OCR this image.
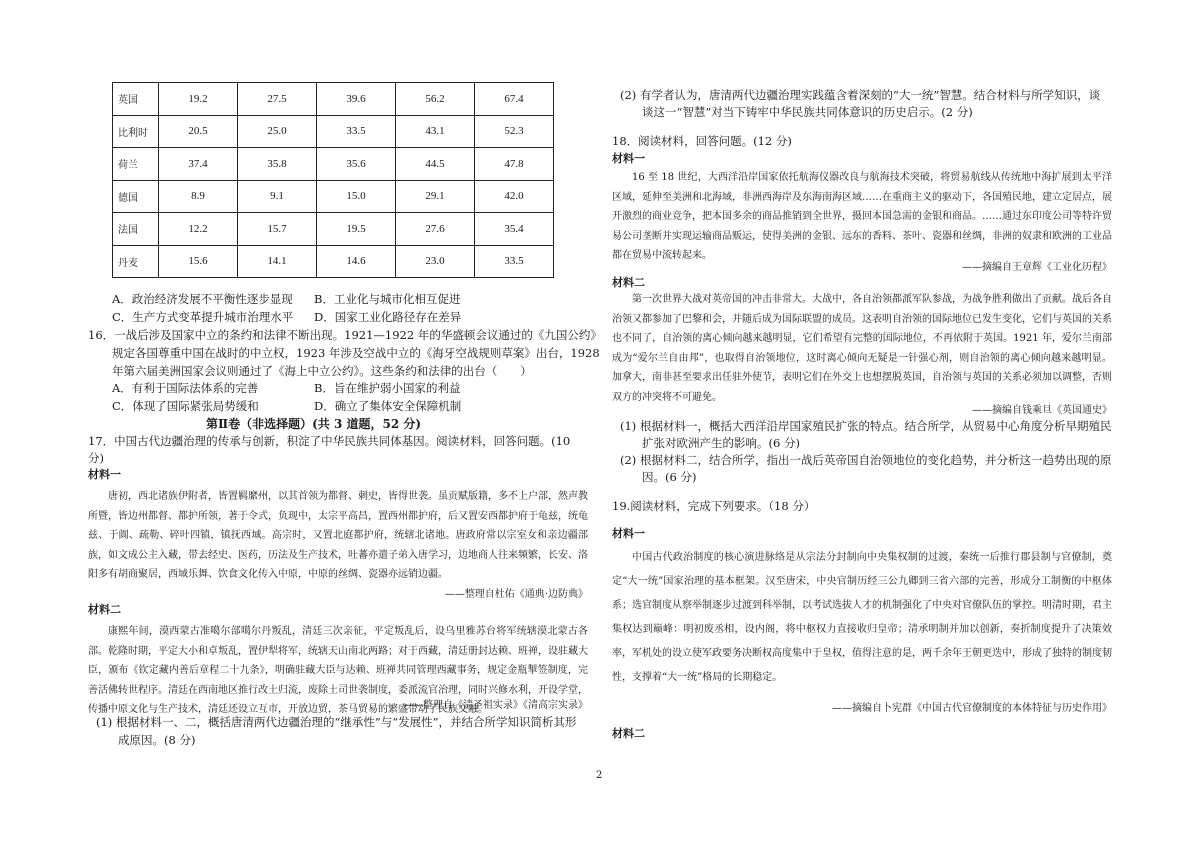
英国	19.2	27.5	39.6	56.2	67.4
比利时	20.5	25.0	33.5	43.1	52.3
荷兰	37.4	35.8	35.6	44.5	47.8
德国	8.9	9.1	15.0	29.1	42.0
法国	12.2	15.7	19.5	27.6	35.4
丹麦	15.6	14.1	14.6	23.0	33.5
A．政治经济发展不平衡性逐步显现 B．工业化与城市化相互促进
C．生产方式变革提升城市治理水平 D．国家工业化路径存在差异
16．一战后涉及国家中立的条约和法律不断出现。1921—1922 年的华盛顿会议通过的《九国公约》
规定各国尊重中国在战时的中立权，1923 年涉及空战中立的《海牙空战规则草案》出台，1928
年第六届美洲国家会议则通过了《海上中立公约》。这些条约和法律的出台（　　）
A．有利于国际法体系的完善	B．旨在维护弱小国家的利益
C．体现了国际紧张局势缓和	D．确立了集体安全保障机制
第Ⅱ卷（非选择题）(共 3 道题，52 分)
17．中国古代边疆治理的传承与创新，积淀了中华民族共同体基因。阅读材料，回答问题。(10
分)
材料一

唐初，西北诸族伊附者，皆置羁縻州，以其首领为都督、刺史，皆得世袭。虽贡赋版籍，多不上户部，然声教所暨，皆边州都督、都护所领，著于令式，负现中，太宗平高昌，置西州都护府，后又置安西都护府于龟兹，统龟兹、于阗、疏勒、碎叶四镇，镇抚西域。高宗时，又置北庭都护府，统辖北诸地。唐政府常以宗室女和亲边疆部族，如文成公主入藏，带去经史、医药，历法及生产技术，吐蕃亦遣子弟入唐学习，边地商人往来频繁，长安、洛阳多有胡商聚居，西域乐舞、饮食文化传入中原，中原的丝绸、瓷器亦远销边疆。

——整理自杜佑《通典·边防典》
材料二

康熙年间，漠西蒙古准噶尔部噶尔丹叛乱，清廷三次亲征，平定叛乱后，设乌里雅苏台将军统辖漠北蒙古各部。乾隆时期，平定大小和卓叛乱，置伊犁将军，统辖天山南北两路；对于西藏，清廷册封达赖、班禅，设驻藏大臣，颁布《钦定藏内善后章程二十九条》，明确驻藏大臣与达赖、班禅共同管理西藏事务，规定金瓶掣签制度，完善活佛转世程序。清廷在西南地区推行改土归流，废除土司世袭制度，委派流官治理，同时兴修水利，开设学堂，传播中原文化与生产技术，清廷还设立互市，开放边贸，茶马贸易的繁盛带动了民族交融。

——整理自《清圣祖实录》《清高宗实录》
(1) 根据材料一、二，概括唐清两代边疆治理的“继承性”与“发展性”，并结合所学知识简析其形
成原因。(8 分)
(2) 有学者认为，唐清两代边疆治理实践蕴含着深刻的“大一统”智慧。结合材料与所学知识，谈
谈这一“智慧”对当下铸牢中华民族共同体意识的历史启示。(2 分)
18．阅读材料，回答问题。(12 分)
材料一

16 至 18 世纪，大西洋沿岸国家依托航海仪器改良与航海技术突破，将贸易航线从传统地中海扩展到太平洋区域，延伸至美洲和北海域，非洲西海岸及东海南海区域……在重商主义的驱动下，各国殖民地，建立定居点，展开激烈的商业竞争，把本国多余的商品推销到全世界，摄回本国急需的金银和商品。……通过东印度公司等特许贸易公司垄断并实现运输商品贩运，使得美洲的金银、远东的香料、茶叶、瓷器和丝绸，非洲的奴隶和欧洲的工业品都在贸易中流转起来。

——摘编自王章辉《工业化历程》
材料二

第一次世界大战对英帝国的冲击非常大。大战中，各自治领都派军队参战，为战争胜利做出了贡献。战后各自治领又都参加了巴黎和会，并随后成为国际联盟的成员。这表明自治领的国际地位已发生变化，它们与英国的关系也不同了，自治领的离心倾向越来越明显，它们希望有完整的国际地位，不再依附于英国。1921 年，爱尔兰南部成为“爱尔兰自由邦”，也取得自治领地位，这时离心倾向无疑是一针强心剂，则自治领的离心倾向越来越明显。加拿大，南非甚至要求出任驻外使节，表明它们在外交上也想摆脱英国，自治领与英国的关系必须加以调整，否则双方的冲突将不可避免。

——摘编自钱乘旦《英国通史》
(1) 根据材料一，概括大西洋沿岸国家殖民扩张的特点。结合所学，从贸易中心角度分析早期殖民
扩张对欧洲产生的影响。(6 分)
(2) 根据材料二，结合所学，指出一战后英帝国自治领地位的变化趋势，并分析这一趋势出现的原
因。(6 分)
19.阅读材料，完成下列要求。（18 分）
材料一

中国古代政治制度的核心演进脉络是从宗法分封制向中央集权制的过渡，秦统一后推行郡县制与官僚制，奠定“大一统”国家治理的基本框架。汉至唐宋，中央官制历经三公九卿到三省六部的完善，形成分工制衡的中枢体系；选官制度从察举制逐步过渡到科举制，以考试选拔人才的机制强化了中央对官僚队伍的掌控。明清时期，君主集权达到巅峰：明初废丞相，设内阁，将中枢权力直接收归皇帝；清承明制并加以创新，奏折制度提升了决策效率，军机处的设立使军政要务决断权高度集中于皇权，值得注意的是，两千余年王朝更迭中，形成了独特的制度韧性，支撑着“大一统”格局的长期稳定。

——摘编自卜宪群《中国古代官僚制度的本体特征与历史作用》
材料二
2
